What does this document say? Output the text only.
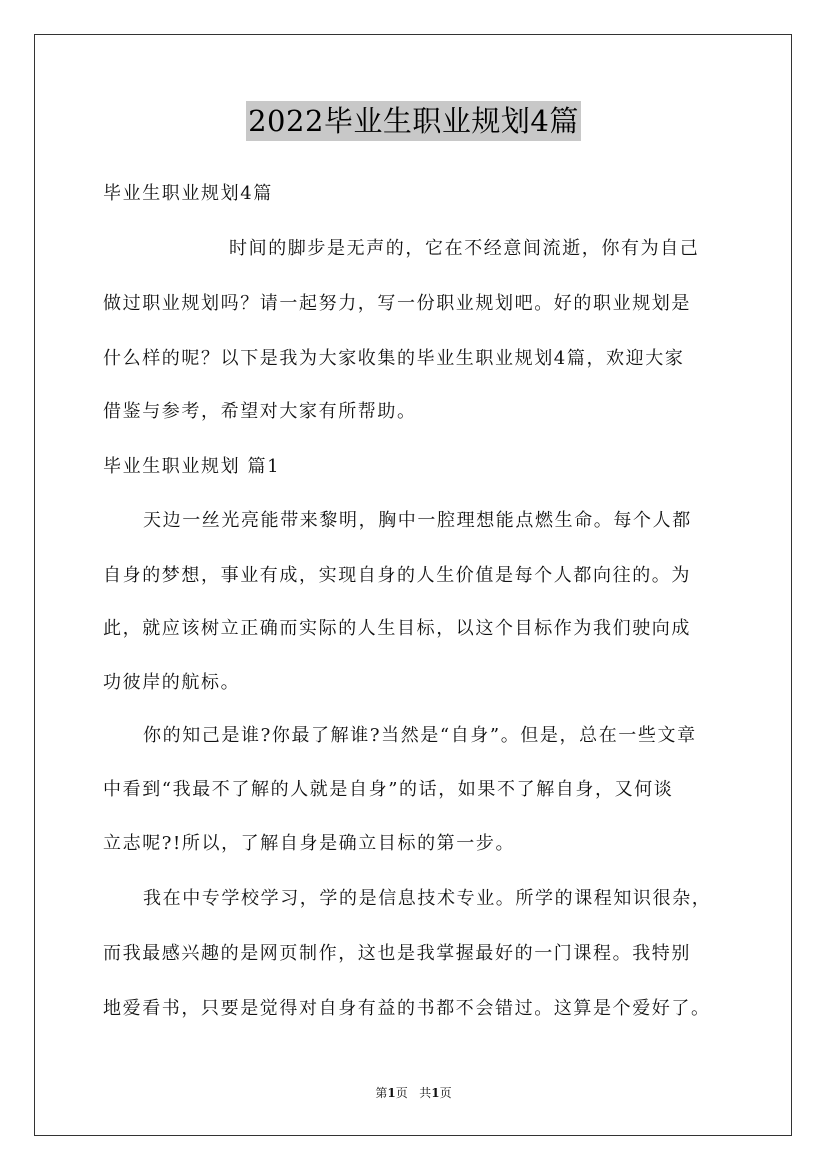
2022毕业生职业规划4篇
毕业生职业规划4篇
时间的脚步是无声的，它在不经意间流逝，你有为自己
做过职业规划吗？请一起努力，写一份职业规划吧。好的职业规划是
什么样的呢？以下是我为大家收集的毕业生职业规划4篇，欢迎大家
借鉴与参考，希望对大家有所帮助。
毕业生职业规划 篇1
天边一丝光亮能带来黎明，胸中一腔理想能点燃生命。每个人都
自身的梦想，事业有成，实现自身的人生价值是每个人都向往的。为
此，就应该树立正确而实际的人生目标，以这个目标作为我们驶向成
功彼岸的航标。
你的知己是谁?你最了解谁?当然是“自身”。但是，总在一些文章
中看到“我最不了解的人就是自身”的话，如果不了解自身，又何谈
立志呢?!所以，了解自身是确立目标的第一步。
我在中专学校学习，学的是信息技术专业。所学的课程知识很杂，
而我最感兴趣的是网页制作，这也是我掌握最好的一门课程。我特别
地爱看书，只要是觉得对自身有益的书都不会错过。这算是个爱好了。
第1页 共1页
